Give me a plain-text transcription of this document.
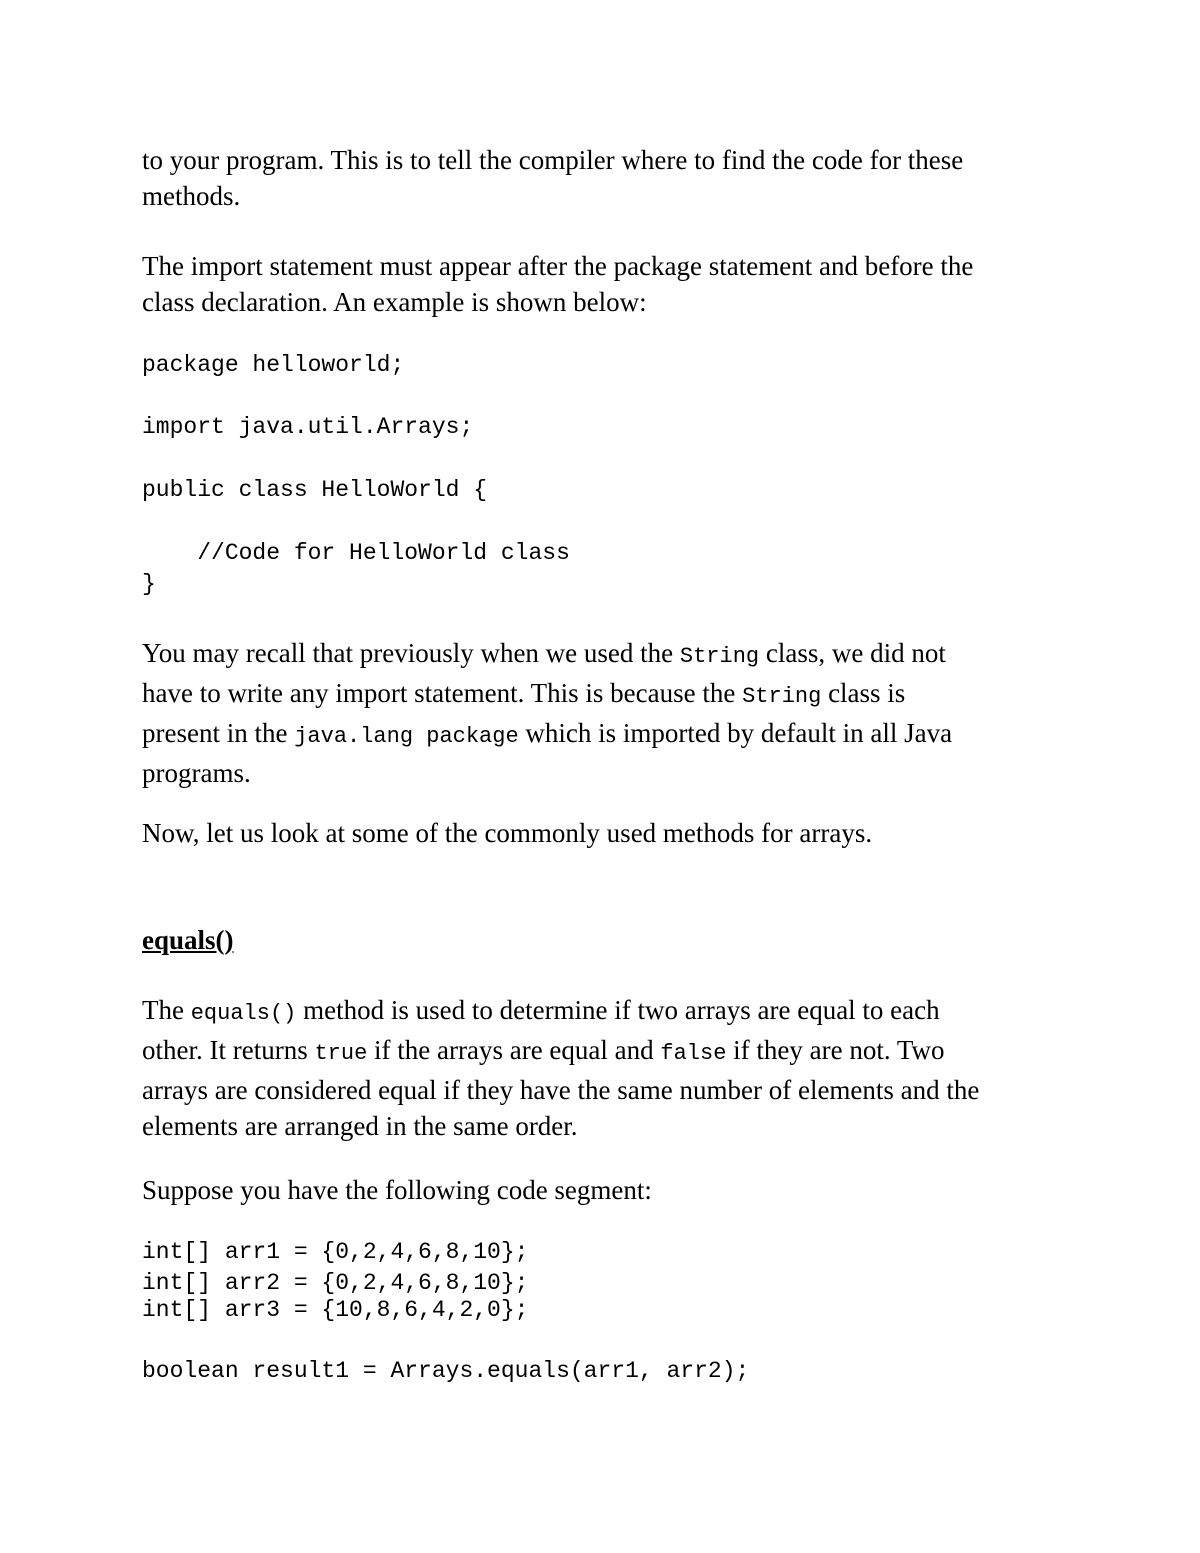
to your program. This is to tell the compiler where to find the code for these
methods.
The import statement must appear after the package statement and before the
class declaration. An example is shown below:
package helloworld;
import java.util.Arrays;
public class HelloWorld {
//Code for HelloWorld class
}
You may recall that previously when we used the String class, we did not
have to write any import statement. This is because the String class is
present in the java.lang package which is imported by default in all Java
programs.
Now, let us look at some of the commonly used methods for arrays.
equals()
The equals() method is used to determine if two arrays are equal to each
other. It returns true if the arrays are equal and false if they are not. Two
arrays are considered equal if they have the same number of elements and the
elements are arranged in the same order.
Suppose you have the following code segment:
int[] arr1 = {0,2,4,6,8,10};
int[] arr2 = {0,2,4,6,8,10};
int[] arr3 = {10,8,6,4,2,0};
boolean result1 = Arrays.equals(arr1, arr2);
